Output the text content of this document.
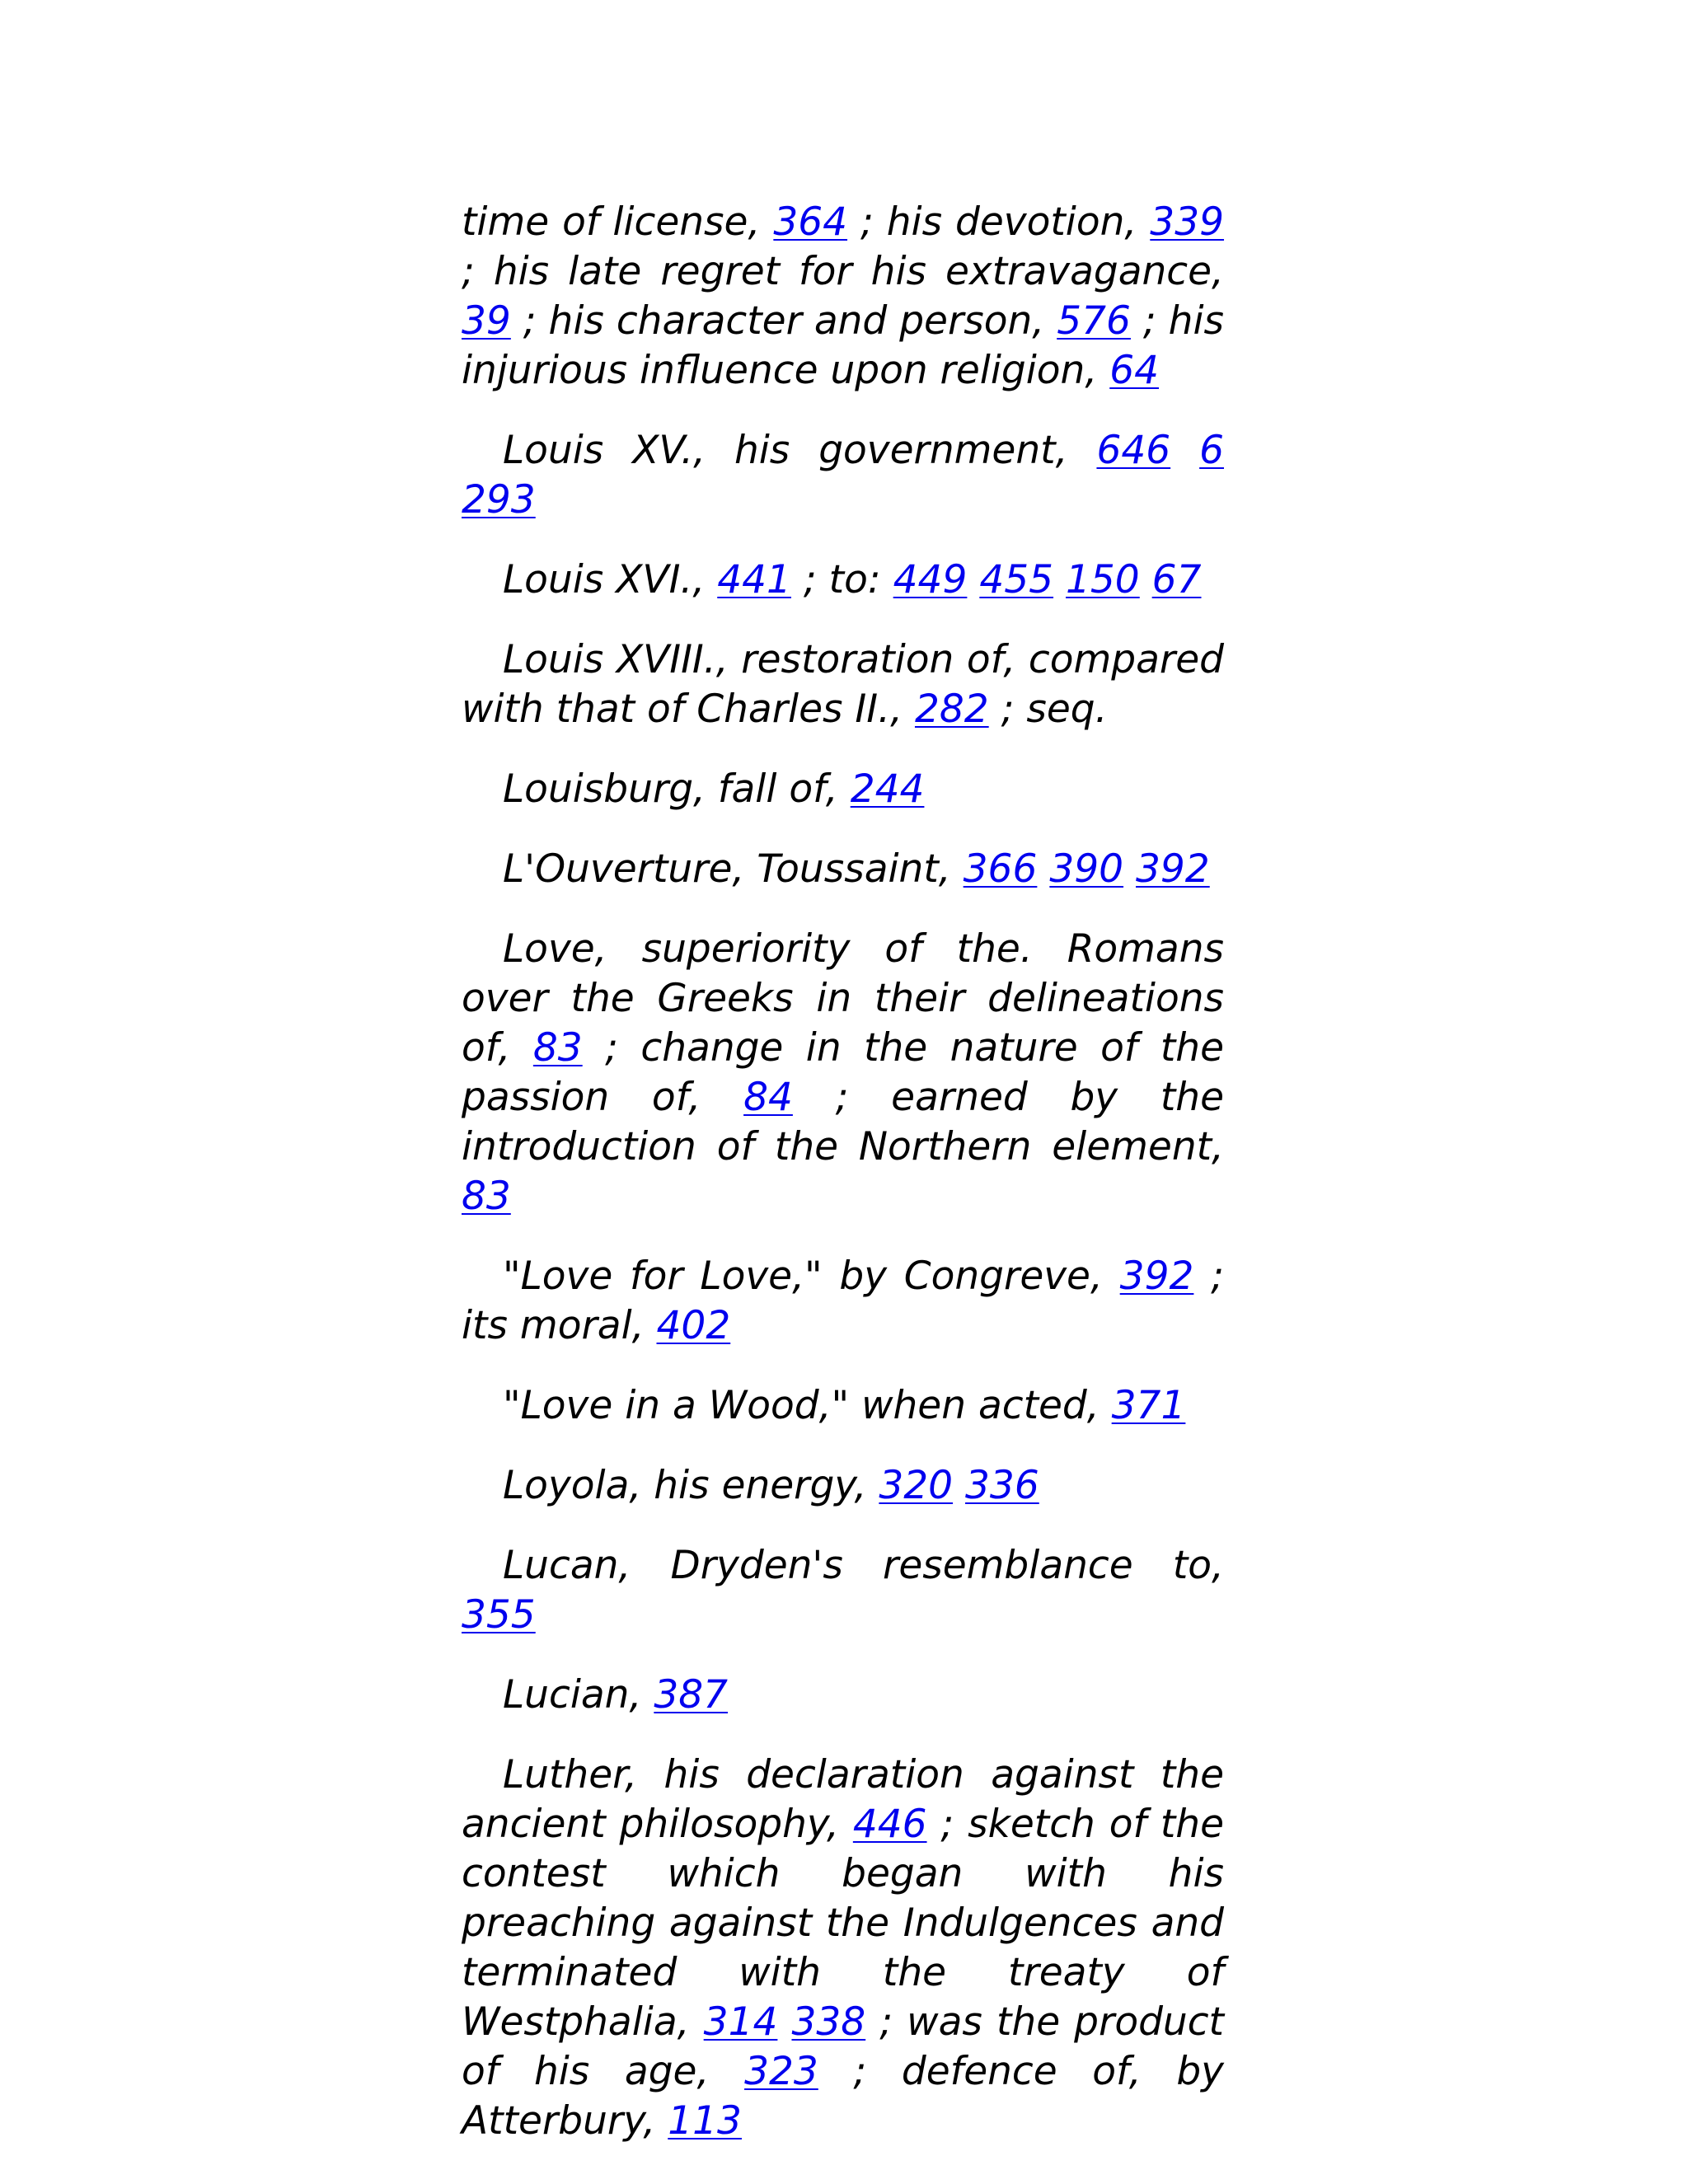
time of license, 364 ; his devotion, 339 ; his late regret for his extravagance, 39 ; his character and person, 576 ; his injurious influence upon religion, 64

Louis XV., his government, 646 6 293

Louis XVI., 441 ; to: 449 455 150 67

Louis XVIII., restoration of, compared with that of Charles II., 282 ; seq.

Louisburg, fall of, 244

L'Ouverture, Toussaint, 366 390 392

Love, superiority of the. Romans over the Greeks in their delineations of, 83 ; change in the nature of the passion of, 84 ; earned by the introduction of the Northern element, 83

"Love for Love," by Congreve, 392 ; its moral, 402

"Love in a Wood," when acted, 371

Loyola, his energy, 320 336

Lucan, Dryden's resemblance to, 355

Lucian, 387

Luther, his declaration against the ancient philosophy, 446 ; sketch of the contest which began with his preaching against the Indulgences and terminated with the treaty of Westphalia, 314 338 ; was the product of his age, 323 ; defence of, by Atterbury, 113
